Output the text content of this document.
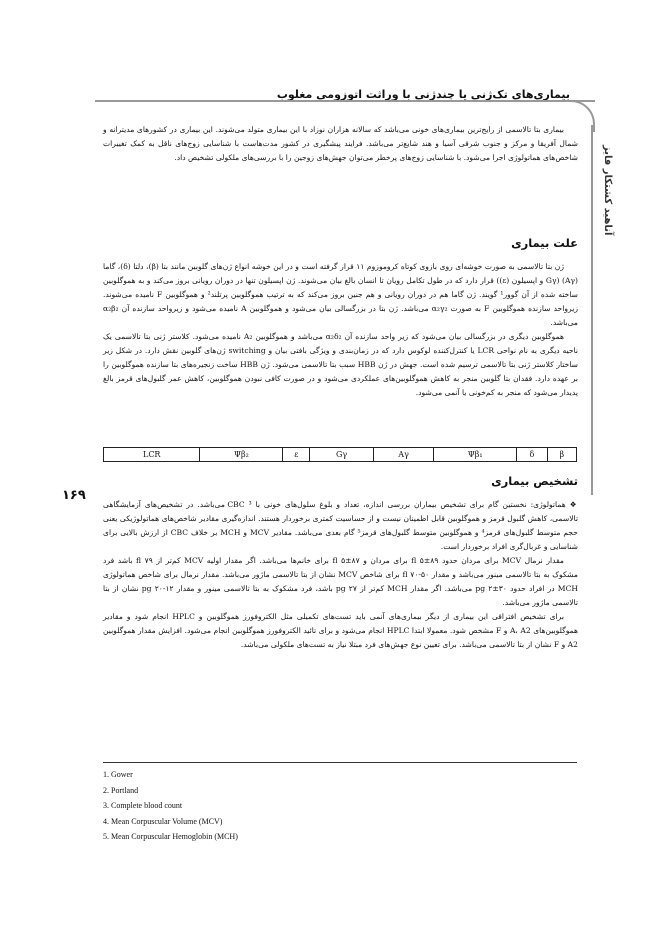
بیماری‌های تک‌ژنی یا چندژنی با وراثت اتوزومی مغلوب
آناهید کشتکار فایز
۱۶۹

بیماری بتا تالاسمی از رایج‌ترین بیماری‌های خونی می‌باشد که سالانه هزاران نوزاد با این بیماری متولد می‌شوند. این بیماری در کشورهای مدیترانه و شمال آفریقا و مرکز و جنوب شرقی آسیا و هند شایع‌تر می‌باشد. فرایند پیشگیری در کشور مدت‌هاست با شناسایی زوج‌های ناقل به کمک تغییرات شاخص‌های هماتولوژی اجرا می‌شود. با شناسایی زوج‌های پرخطر می‌توان جهش‌های زوجین را با بررسی‌های ملکولی تشخیص داد.

علت بیماری

ژن بتا تالاسمی به صورت خوشه‌ای روی بازوی کوتاه کروموزوم ۱۱ قرار گرفته است و در این خوشه انواع ژن‌های گلوبین مانند بتا (β)، دلتا (δ)، گاما (Aγ) (Gγ و اپسیلون (ε)) قرار دارد که در طول تکامل رویان تا انسان بالغ بیان می‌شوند. ژن اپسیلون تنها در دوران رویانی بروز می‌کند و به هموگلوبین ساخته شده از آن گوور¹ گویند. ژن گاما هم در دوران رویانی و هم جنین بروز می‌کند که به ترتیب هموگلوبین پرتلند² و هموگلوبین F نامیده می‌شوند. زیرواحد سازنده هموگلوبین F به صورت α₂γ₂ می‌باشد. ژن بتا در بزرگسالی بیان می‌شود و هموگلوبین A نامیده می‌شود و زیرواحد سازنده آن α₂β₂ می‌باشد.

هموگلوبین دیگری در بزرگسالی بیان می‌شود که زیر واحد سازنده آن α₂δ₂ می‌باشد و هموگلوبین A₂ نامیده می‌شود. کلاستر ژنی بتا تالاسمی یک ناحیه دیگری به نام نواحی LCR یا کنترل‌کننده لوکوس دارد که در زمان‌بندی و ویژگی بافتی بیان و switching ژن‌های گلوبین نقش دارد. در شکل زیر ساختار کلاستر ژنی بتا تالاسمی ترسیم شده است. جهش در ژن HBB سبب بتا تالاسمی می‌شود. ژن HBB ساخت زنجیره‌های بتا سازنده هموگلوبین را بر عهده دارد. فقدان بتا گلوبین منجر به کاهش هموگلوبین‌های عملکردی می‌شود و در صورت کافی نبودن هموگلوبین، کاهش عمر گلبول‌های قرمز بالغ پدیدار می‌شود که منجر به کم‌خونی یا آنمی می‌شود.

LCR	Ψβ₂	ε	Gγ	Aγ	Ψβ₁	δ	β
تشخیص بیماری

❖ هماتولوژی: نخستین گام برای تشخیص بیماران بررسی اندازه، تعداد و بلوغ سلول‌های خونی با CBC ³ می‌باشد. در تشخیص‌های آزمایشگاهی تالاسمی، کاهش گلبول قرمز و هموگلوبین قابل اطمینان نیست و از حساسیت کمتری برخوردار هستند. اندازه‌گیری مقادیر شاخص‌های هماتولوژیکی یعنی حجم متوسط گلبول‌های قرمز⁴ و هموگلوبین متوسط گلبول‌های قرمز⁵ گام بعدی می‌باشد. مقادیر MCV و MCH بر خلاف CBC از ارزش بالایی برای شناسایی و غربال‌گری افراد برخوردار است.

مقدار نرمال MCV برای مردان حدود ۸۹±۵ fl برای مردان و ۸۷±۵ fl برای خانم‌ها می‌باشد. اگر مقدار اولیه MCV کم‌تر از ۷۹ fl باشد فرد مشکوک به بتا تالاسمی مینور می‌باشد و مقدار ۵۰-۷۰ fl برای شاخص MCV نشان از بتا تالاسمی ماژور می‌باشد. مقدار نرمال برای شاخص هماتولوژی MCH در افراد حدود ۳۰±۲ pg می‌باشد. اگر مقدار MCH کم‌تر از ۲۷ pg باشد، فرد مشکوک به بتا تالاسمی مینور و مقدار ۱۲-۲۰ pg نشان از بتا تالاسمی ماژور می‌باشد.

برای تشخیص افتراقی این بیماری از دیگر بیماری‌های آنمی باید تست‌های تکمیلی مثل الکتروفورز هموگلوبین و HPLC انجام شود و مقادیر هموگلوبین‌های A، A2 و F مشخص شود. معمولا ابتدا HPLC انجام می‌شود و برای تائید الکتروفورز هموگلوبین انجام می‌شود. افزایش مقدار هموگلوبین A2 و F نشان از بتا تالاسمی می‌باشد. برای تعیین نوع جهش‌های فرد مبتلا نیاز به تست‌های ملکولی می‌باشد.

1. Gower
2. Portland
3. Complete blood count
4. Mean Corpuscular Volume (MCV)
5. Mean Corpuscular Hemoglobin (MCH)
